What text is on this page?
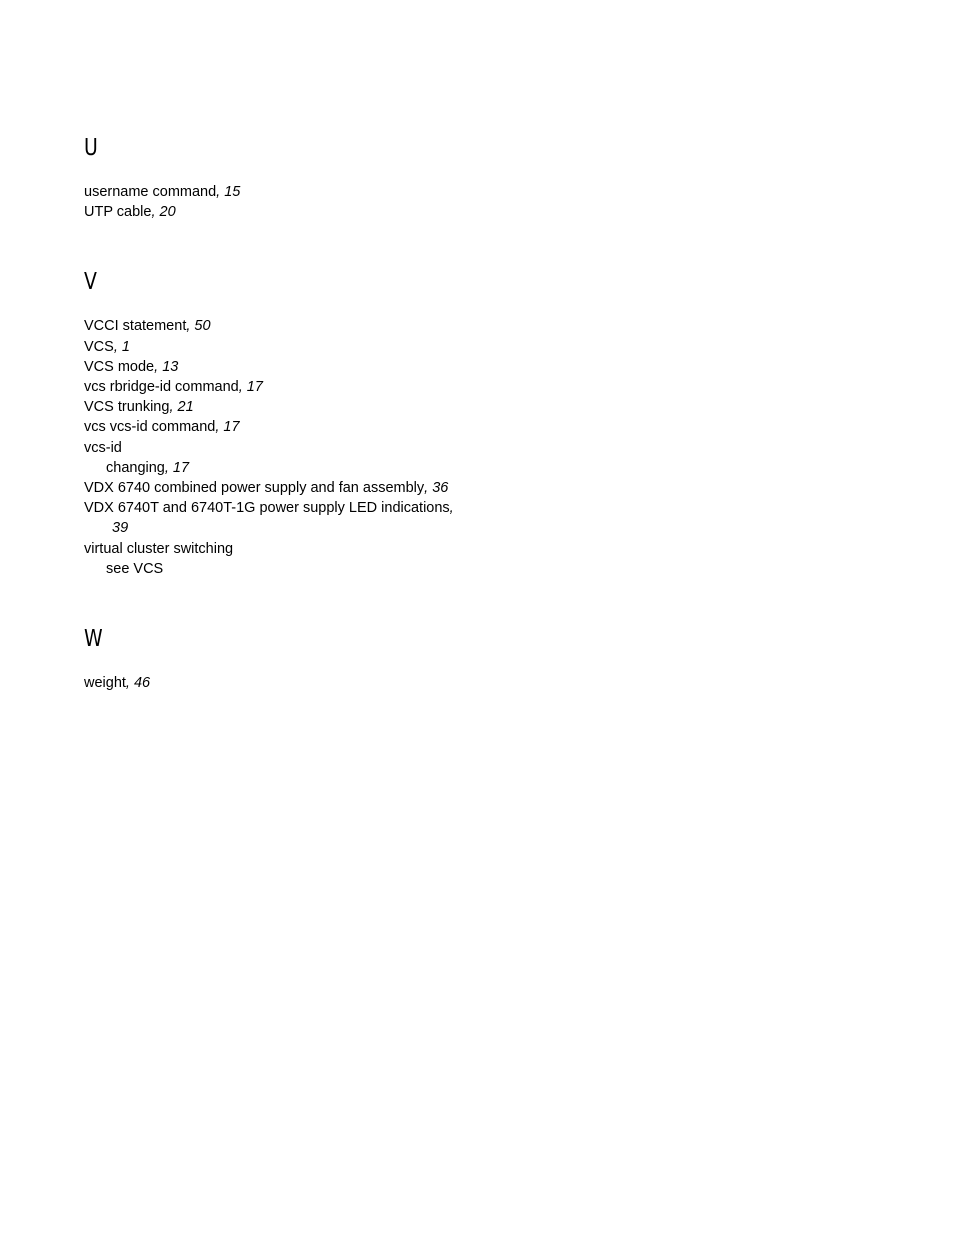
U
username command, 15
UTP cable, 20
V
VCCI statement, 50
VCS, 1
VCS mode, 13
vcs rbridge-id command, 17
VCS trunking, 21
vcs vcs-id command, 17
vcs-id
changing, 17
VDX 6740 combined power supply and fan assembly, 36
VDX 6740T and 6740T-1G power supply LED indications,
39
virtual cluster switching
see VCS
W
weight, 46
